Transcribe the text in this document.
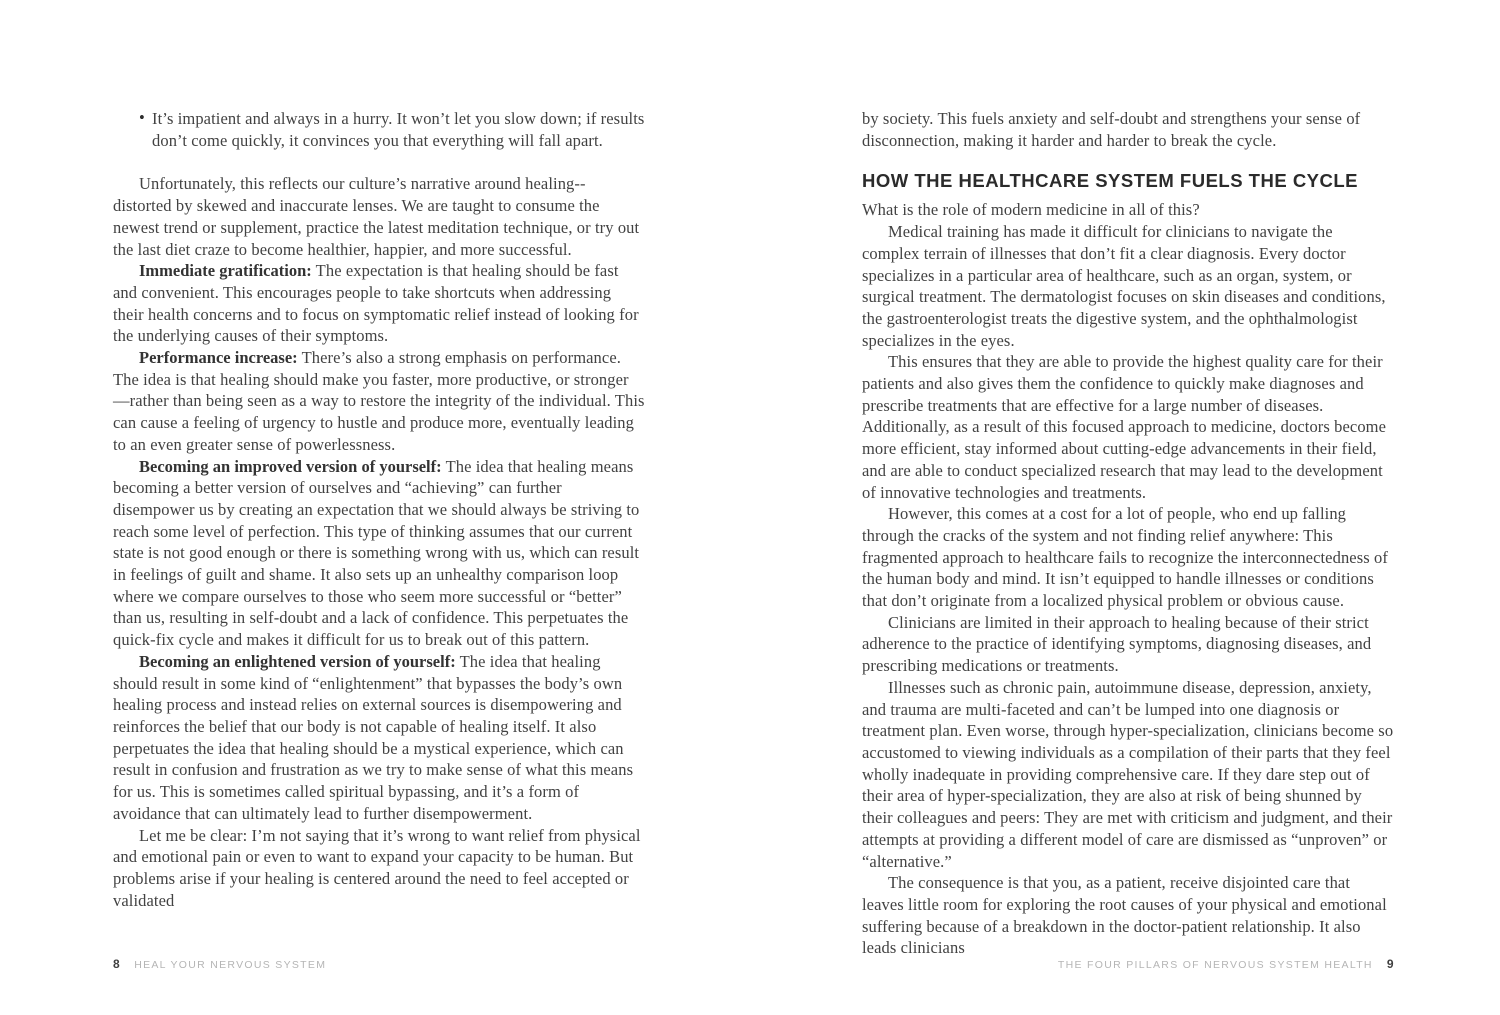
• It’s impatient and always in a hurry. It won’t let you slow down; if results don’t come quickly, it convinces you that everything will fall apart.

Unfortunately, this reflects our culture’s narrative around healing-- distorted by skewed and inaccurate lenses. We are taught to consume the newest trend or supplement, practice the latest meditation technique, or try out the last diet craze to become healthier, happier, and more successful.

Immediate gratification: The expectation is that healing should be fast and convenient. This encourages people to take shortcuts when addressing their health concerns and to focus on symptomatic relief instead of looking for the underlying causes of their symptoms.

Performance increase: There’s also a strong emphasis on performance. The idea is that healing should make you faster, more productive, or stronger—rather than being seen as a way to restore the integrity of the individual. This can cause a feeling of urgency to hustle and produce more, eventually leading to an even greater sense of powerlessness.

Becoming an improved version of yourself: The idea that healing means becoming a better version of ourselves and “achieving” can further disempower us by creating an expectation that we should always be striving to reach some level of perfection. This type of thinking assumes that our current state is not good enough or there is something wrong with us, which can result in feelings of guilt and shame. It also sets up an unhealthy comparison loop where we compare ourselves to those who seem more successful or “better” than us, resulting in self-doubt and a lack of confidence. This perpetuates the quick-fix cycle and makes it difficult for us to break out of this pattern.

Becoming an enlightened version of yourself: The idea that healing should result in some kind of “enlightenment” that bypasses the body’s own healing process and instead relies on external sources is disempowering and reinforces the belief that our body is not capable of healing itself. It also perpetuates the idea that healing should be a mystical experience, which can result in confusion and frustration as we try to make sense of what this means for us. This is sometimes called spiritual bypassing, and it’s a form of avoidance that can ultimately lead to further disempowerment.

Let me be clear: I’m not saying that it’s wrong to want relief from physical and emotional pain or even to want to expand your capacity to be human. But problems arise if your healing is centered around the need to feel accepted or validated

by society. This fuels anxiety and self-doubt and strengthens your sense of disconnection, making it harder and harder to break the cycle.

HOW THE HEALTHCARE SYSTEM FUELS THE CYCLE

What is the role of modern medicine in all of this?

Medical training has made it difficult for clinicians to navigate the complex terrain of illnesses that don’t fit a clear diagnosis. Every doctor specializes in a particular area of healthcare, such as an organ, system, or surgical treatment. The dermatologist focuses on skin diseases and conditions, the gastroenterologist treats the digestive system, and the ophthalmologist specializes in the eyes.

This ensures that they are able to provide the highest quality care for their patients and also gives them the confidence to quickly make diagnoses and prescribe treatments that are effective for a large number of diseases. Additionally, as a result of this focused approach to medicine, doctors become more efficient, stay informed about cutting-edge advancements in their field, and are able to conduct specialized research that may lead to the development of innovative technologies and treatments.

However, this comes at a cost for a lot of people, who end up falling through the cracks of the system and not finding relief anywhere: This fragmented approach to healthcare fails to recognize the interconnectedness of the human body and mind. It isn’t equipped to handle illnesses or conditions that don’t originate from a localized physical problem or obvious cause.

Clinicians are limited in their approach to healing because of their strict adherence to the practice of identifying symptoms, diagnosing diseases, and prescribing medications or treatments.

Illnesses such as chronic pain, autoimmune disease, depression, anxiety, and trauma are multi-faceted and can’t be lumped into one diagnosis or treatment plan. Even worse, through hyper-specialization, clinicians become so accustomed to viewing individuals as a compilation of their parts that they feel wholly inadequate in providing comprehensive care. If they dare step out of their area of hyper-specialization, they are also at risk of being shunned by their colleagues and peers: They are met with criticism and judgment, and their attempts at providing a different model of care are dismissed as “unproven” or “alternative.”

The consequence is that you, as a patient, receive disjointed care that leaves little room for exploring the root causes of your physical and emotional suffering because of a breakdown in the doctor-patient relationship. It also leads clinicians

8 HEAL YOUR NERVOUS SYSTEM	THE FOUR PILLARS OF NERVOUS SYSTEM HEALTH 9
